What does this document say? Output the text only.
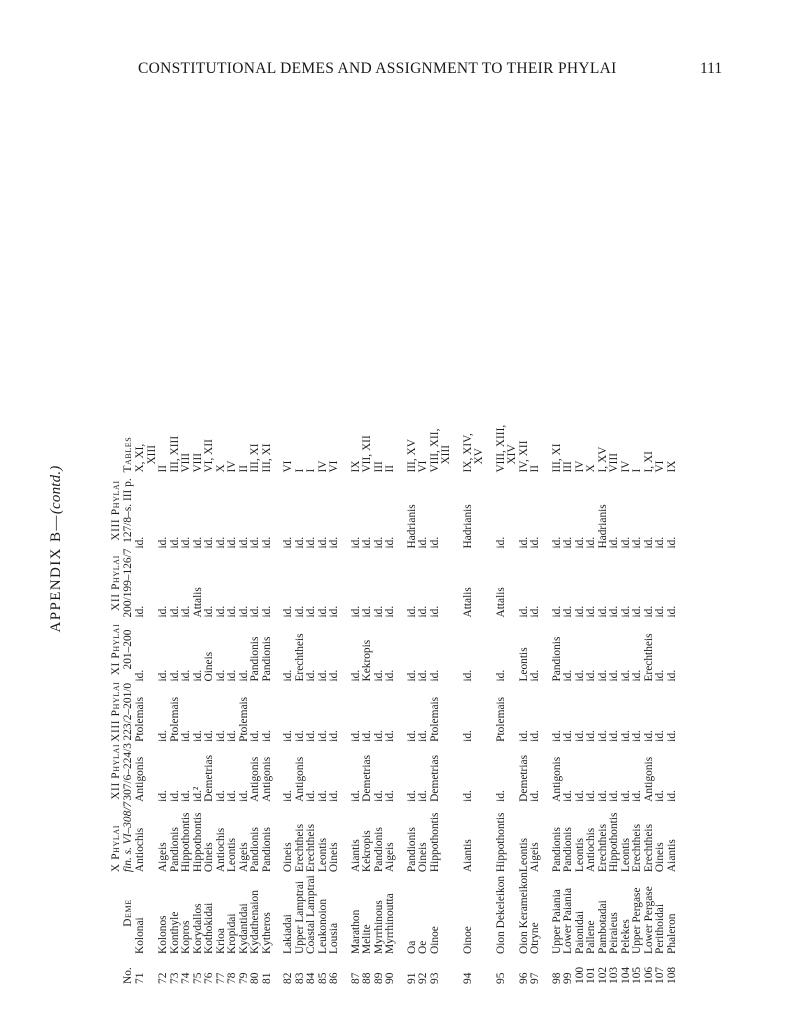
CONSTITUTIONAL DEMES AND ASSIGNMENT TO THEIR PHYLAI	111
APPENDIX B—(contd.)
No.	Deme	X Phylai fin. s. VI–308/7	XII Phylai 307/6–224/3	XIII Phylai 223/2–201/0	XI Phylai 201–200	XII Phylai 200/199–126/7	XIII Phylai 127/8–s. III p.	Tables
71	Kolonai	Antiochis	Antigonis	Ptolemais	id.	id.	id.	X, XI, XIII

72	Kolonos	Aigeis	id.	id.	id.	id.	id.	II
73	Konthyle	Pandionis	id.	Ptolemais	id.	id.	id.	III, XIII
74	Kopros	Hippothontis	id.	id.	id.	id.	id.	VIII
75	Korydallos	Hippothontis	id.²	id.	id.	Attalis	id.	VIII
76	Kothokidai	Oineis	Demetrias	id.	Oineis	id.	id.	VI, XII
77	Krioa	Antiochis	id.	id.	id.	id.	id.	X
78	Kropidai	Leontis	id.	id.	id.	id.	id.	IV
79	Kydantidai	Aigeis	id.	Ptolemais	id.	id.	id.	II
80	Kydathenaion	Pandionis	Antigonis	id.	Pandionis	id.	id.	III, XI
81	Kytheros	Pandionis	Antigonis	id.	Pandionis	id.	id.	III, XI

82	Lakiadai	Oineis	id.	id.	id.	id.	id.	VI
83	Upper Lamptrai	Erechtheis	Antigonis	id.	Erechtheis	id.	id.	I
84	Coastal Lamptrai	Erechtheis	id.	id.	id.	id.	id.	I
85	Leukonoion	Leontis	id.	id.	id.	id.	id.	IV
86	Lousia	Oineis	id.	id.	id.	id.	id.	VI

87	Marathon	Aiantis	id.	id.	id.	id.	id.	IX
88	Melite	Kekropis	Demetrias	id.	Kekropis	id.	id.	VII, XII
89	Myrrhinous	Pandionis	id.	id.	id.	id.	id.	III
90	Myrrhinoutta	Aigeis	id.	id.	id.	id.	id.	II

91	Oa	Pandionis	id.	id.	id.	id.	Hadrianis	III, XV
92	Oe	Oineis	id.	id.	id.	id.	id.	VI
93	Oinoe	Hippothontis	Demetrias	Ptolemais	id.	id.	id.	VIII, XII, XIII

94	Oinoe	Aiantis	id.	id.	id.	Attalis	Hadrianis	IX, XIV, XV

95	Oion Dekeleikon	Hippothontis	id.	Ptolemais	id.	Attalis	id.	VIII, XIII, XIV

96	Oion Kerameikon	Leontis	Demetrias	id.	Leontis	id.	id.	IV, XII
97	Otryne	Aigeis	id.	id.	id.	id.	id.	II

98	Upper Paiania	Pandionis	Antigonis	id.	Pandionis	id.	id.	III, XI
99	Lower Paiania	Pandionis	id.	id.	id.	id.	id.	III
100	Paionidai	Leontis	id.	id.	id.	id.	id.	IV
101	Pallene	Antiochis	id.	id.	id.	id.	id.	X
102	Pambotadai	Erechtheis	id.	id.	id.	id.	Hadrianis	I, XV
103	Peiraieus	Hippothontis	id.	id.	id.	id.	id.	VIII
104	Pelekes	Leontis	id.	id.	id.	id.	id.	IV
105	Upper Pergase	Erechtheis	id.	id.	id.	id.	id.	I
106	Lower Pergase	Erechtheis	Antigonis	id.	Erechtheis	id.	id.	I, XI
107	Perithoidai	Oineis	id.	id.	id.	id.	id.	VI
108	Phaleron	Aiantis	id.	id.	id.	id.	id.	IX
